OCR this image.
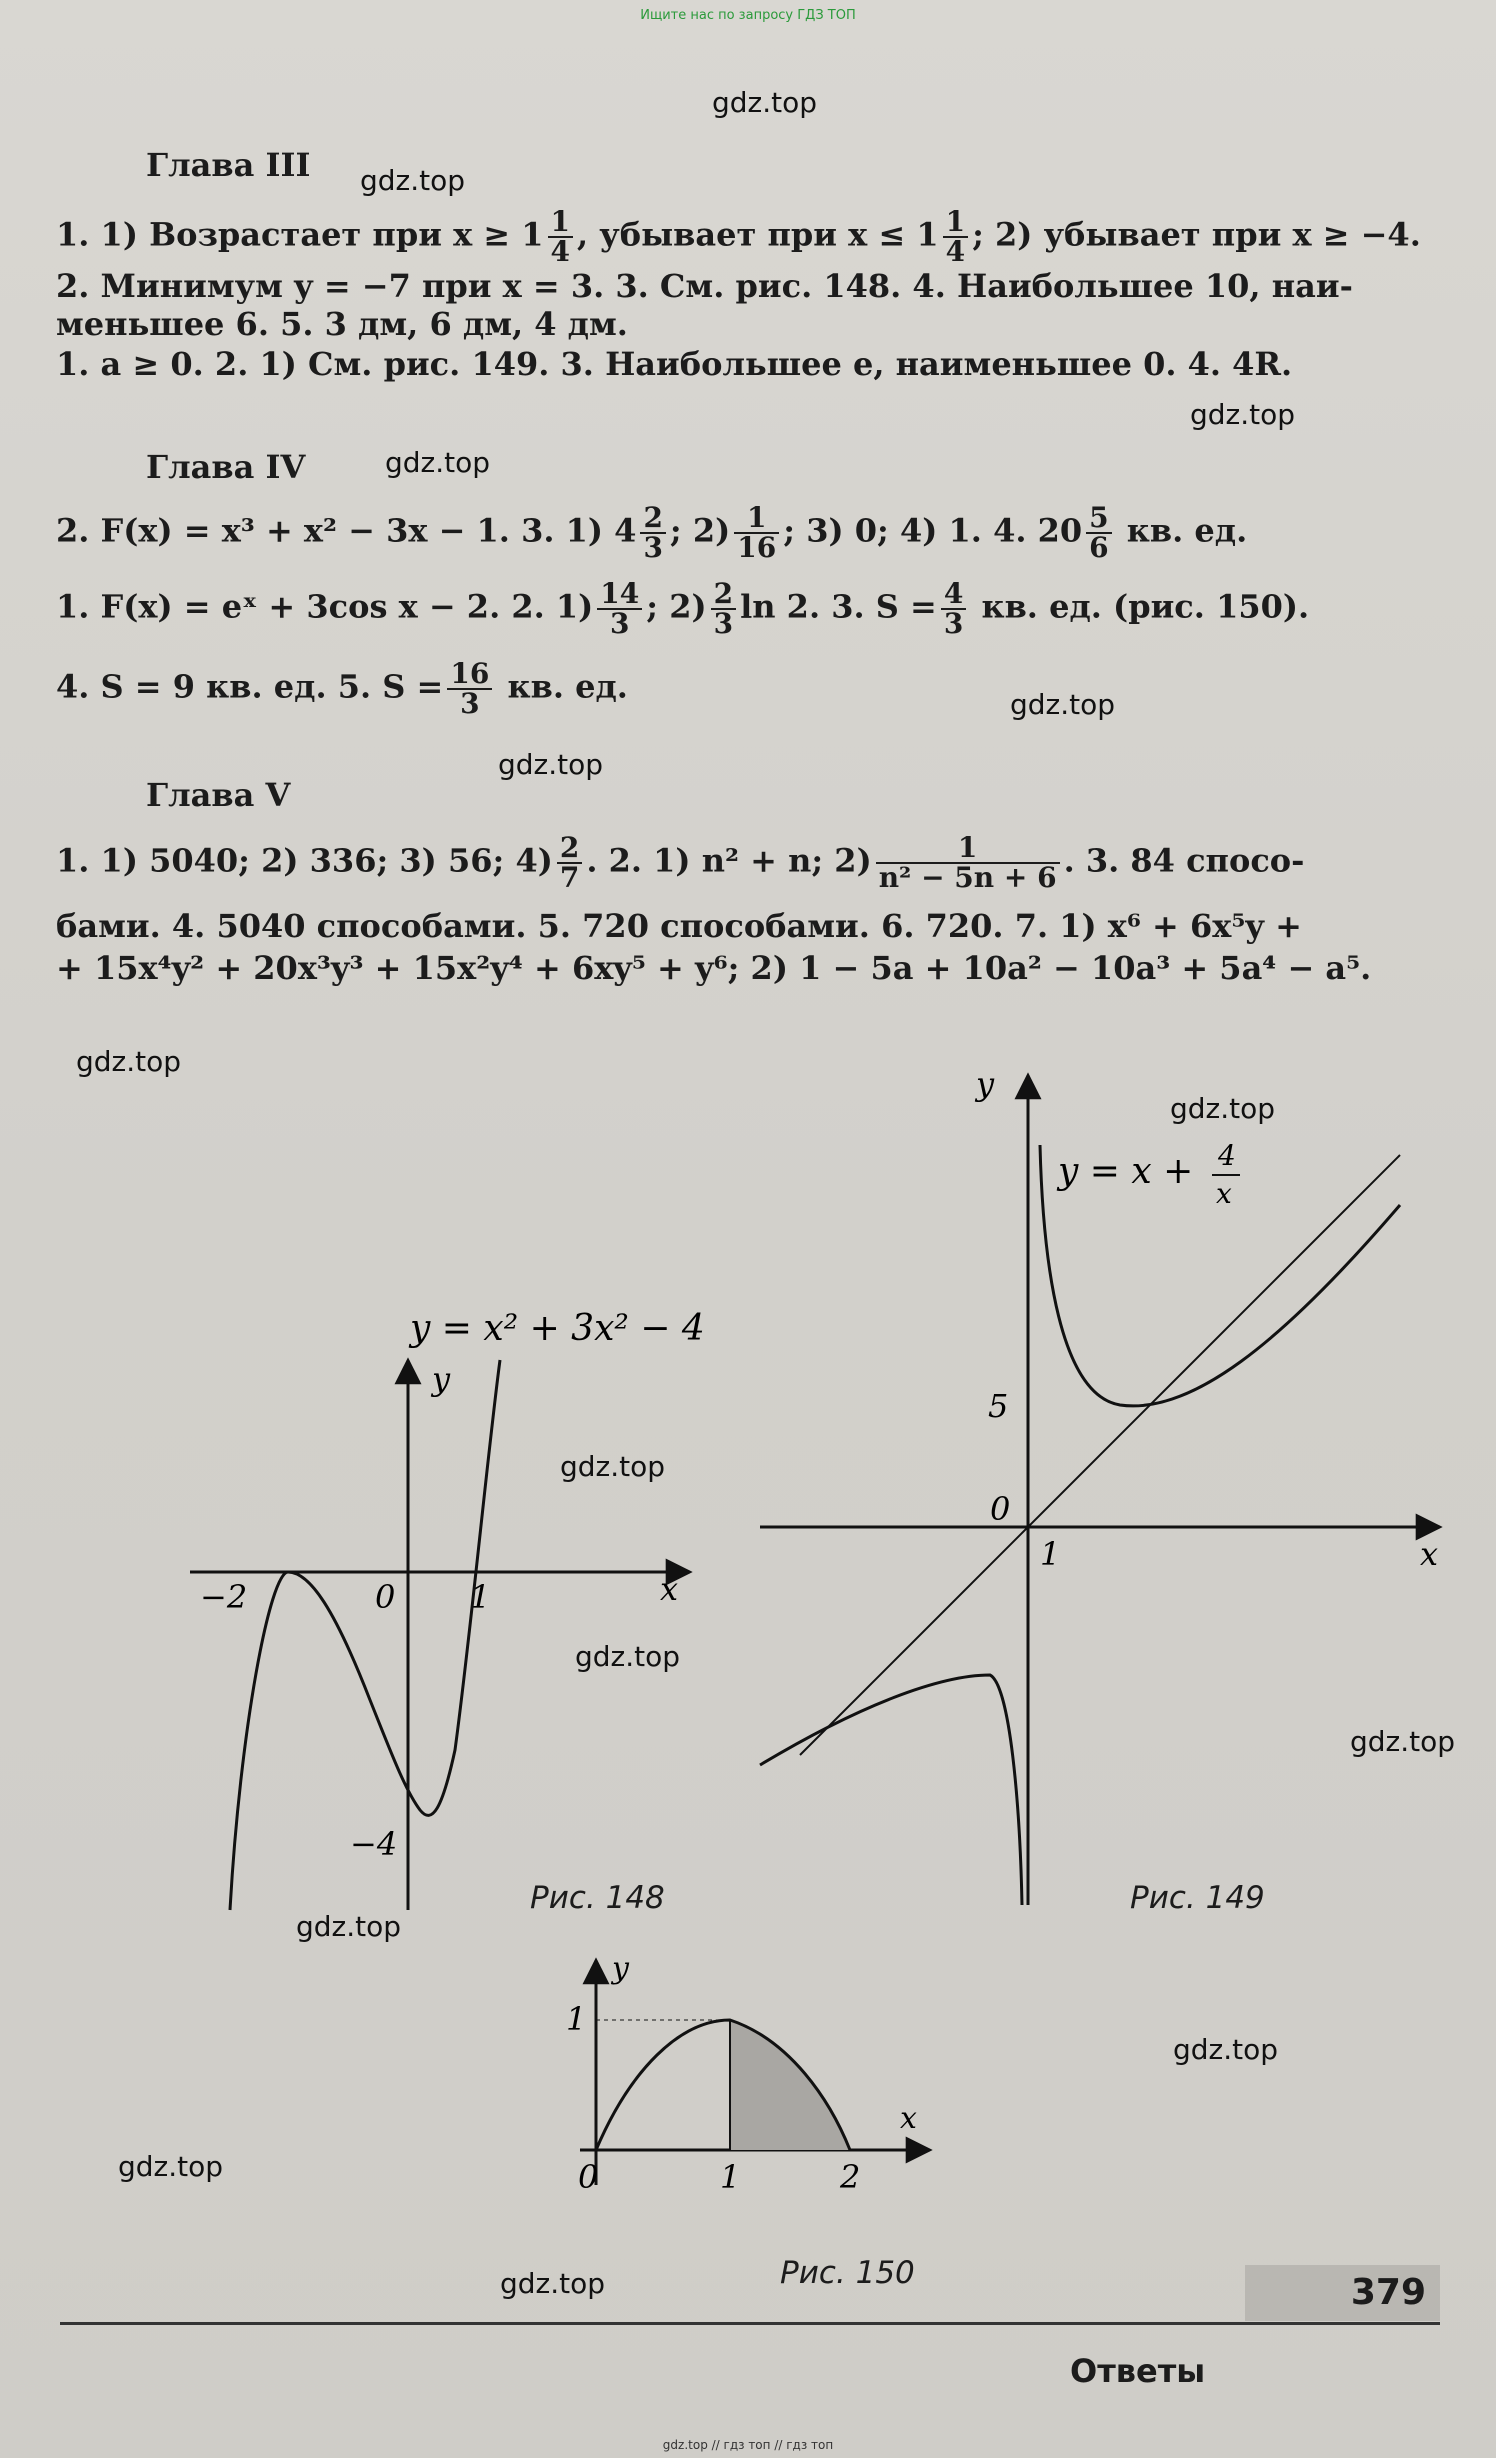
Ищите нас по запросу ГДЗ ТОП
gdz.top
gdz.top
gdz.top
gdz.top
gdz.top
gdz.top
gdz.top
gdz.top
gdz.top
gdz.top
gdz.top
gdz.top
gdz.top
gdz.top
gdz.top
Глава III
1. 1) Возрастает при $x \ge 1 \frac{1}{4}$ , убывает при $x \le 1 \frac{1}{4}$ ; 2) убывает при x ≥ −4.
2. Минимум y = −7 при x = 3. 3. См. рис. 148. 4. Наибольшее 10, наи-
меньшее 6. 5. 3 дм, 6 дм, 4 дм.
1. a ≥ 0. 2. 1) См. рис. 149. 3. Наибольшее e, наименьшее 0. 4. 4R.
Глава IV
2. F(x) = x³ + x² − 3x − 1. 3. 1) $4 \frac{2}{3}$ ; $2) \frac{1}{16}$ ; 3) 0; 4) 1. 4. $20 \frac{5}{6}$ кв. ед.
1. F(x) = eˣ + 3cos x − 2. 2. $1) \frac{14}{3}$ ; $2) \frac{2}{3}$ ln 2. 3. $S = \frac{4}{3}$ кв. ед. (рис. 150).
4. S = 9 кв. ед. 5. $S = \frac{16}{3}$ кв. ед.
Глава V
1. 1) 5040; 2) 336; 3) 56; $4) \frac{2}{7}$ . 2. 1) n² + n; $2) \frac{1}{\text{n² − 5n + 6}}$ . 3. 84 спосо-
бами. 4. 5040 способами. 5. 720 способами. 6. 720. 7. 1) x⁶ + 6x⁵y +
+ 15x⁴y² + 20x³y³ + 15x²y⁴ + 6xy⁵ + y⁶; 2) 1 − 5a + 10a² − 10a³ + 5a⁴ − a⁵.
y = x² + 3x² − 4
y
x
−2	0 1
−4
Рис. 148
y = x + 4
x
y
x
5
0
1
Рис. 149
y
x
1
0	1	2
Рис. 150	379
Ответы
gdz.top // гдз топ // гдз топ
